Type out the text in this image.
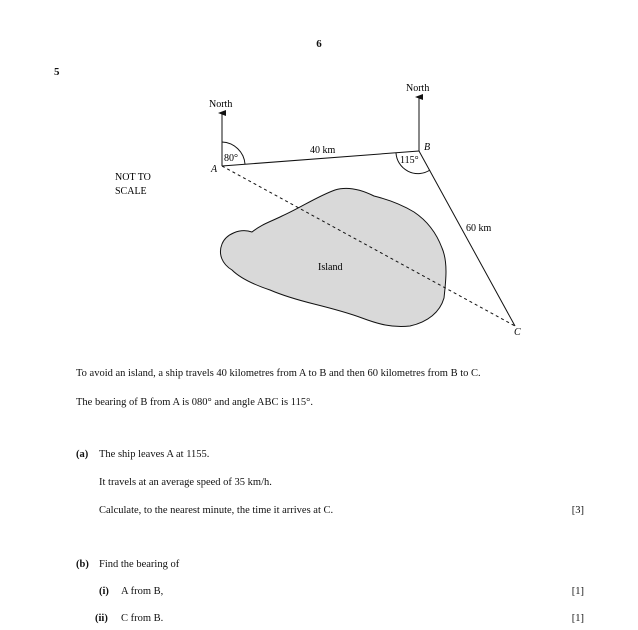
6
5
North
North
A
B
C
80°	115°
40 km
60 km
Island
NOT TO
SCALE
To avoid an island, a ship travels 40 kilometres from A to B and then 60 kilometres from B to C.
The bearing of B from A is 080° and angle ABC is 115°.
(a) The ship leaves A at 1155.
It travels at an average speed of 35 km/h.
Calculate, to the nearest minute, the time it arrives at C.	[3]
(b) Find the bearing of
(i) A from B,	[1]
(ii) C from B.	[1]
